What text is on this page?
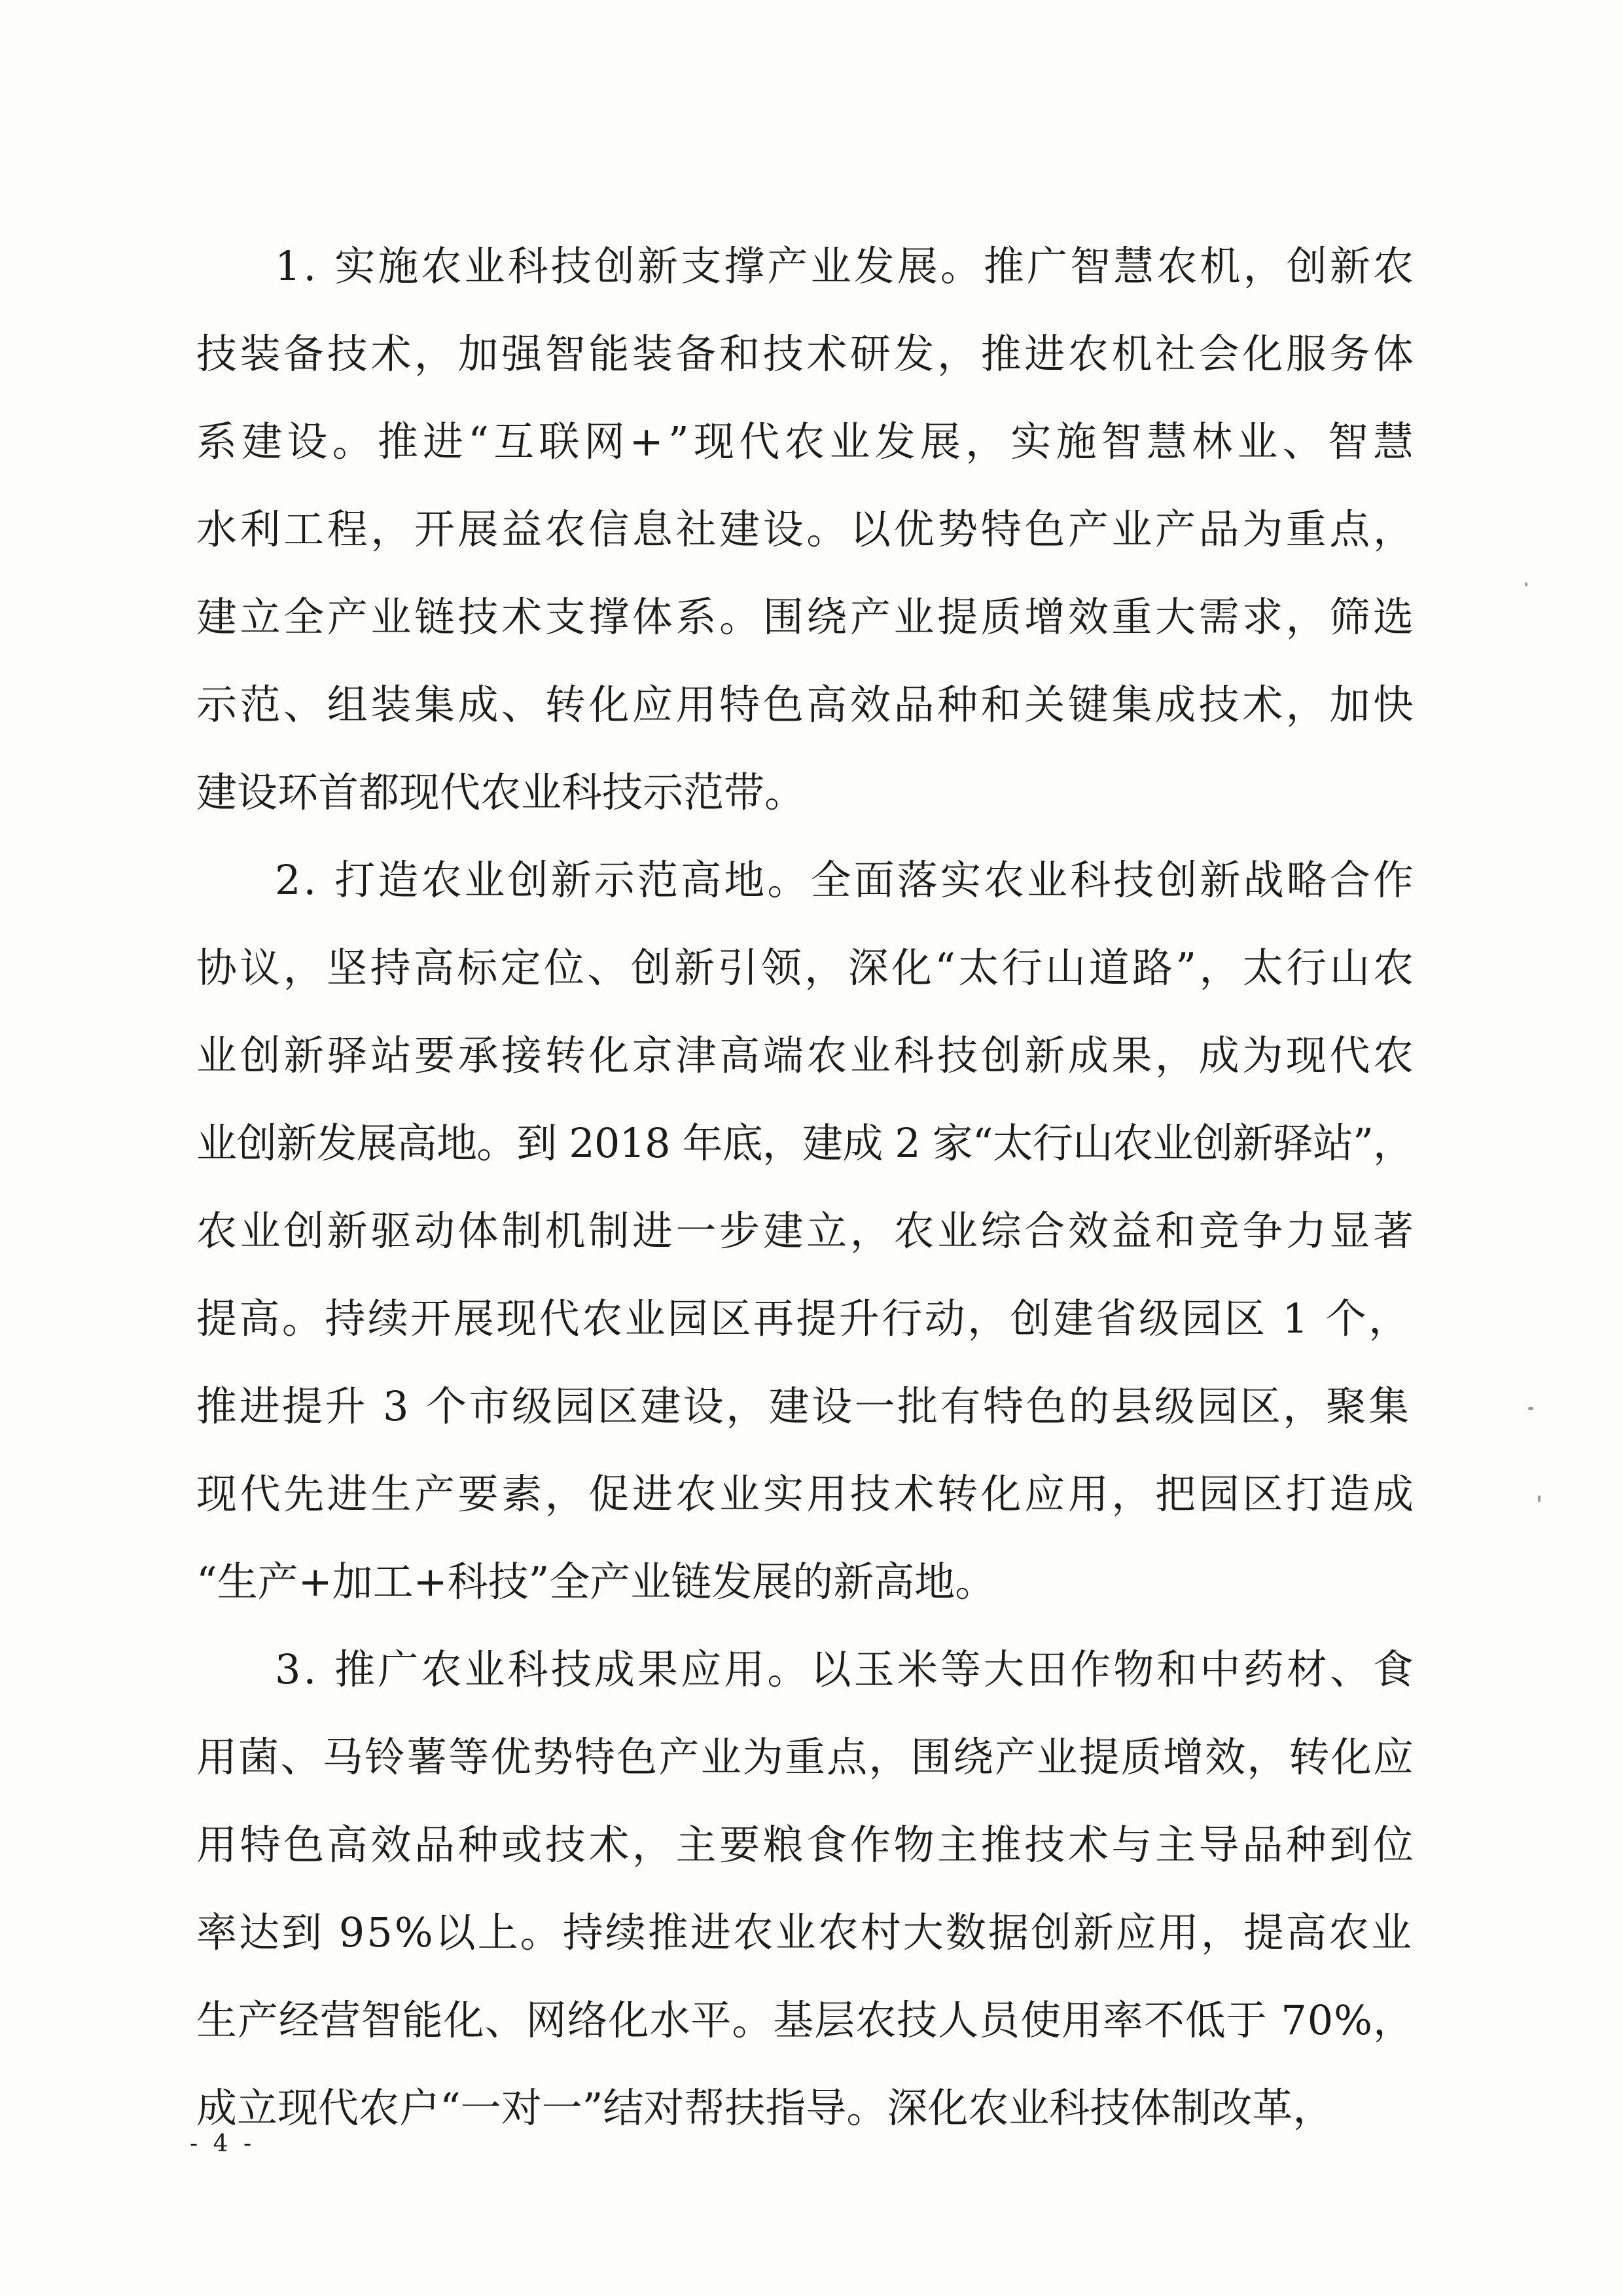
1. 实施农业科技创新支撑产业发展。推广智慧农机，创新农
技装备技术，加强智能装备和技术研发，推进农机社会化服务体
系建设。推进“互联网+”现代农业发展，实施智慧林业、智慧
水利工程，开展益农信息社建设。以优势特色产业产品为重点，
建立全产业链技术支撑体系。围绕产业提质增效重大需求，筛选
示范、组装集成、转化应用特色高效品种和关键集成技术，加快
建设环首都现代农业科技示范带。
2. 打造农业创新示范高地。全面落实农业科技创新战略合作
协议，坚持高标定位、创新引领，深化“太行山道路”，太行山农
业创新驿站要承接转化京津高端农业科技创新成果，成为现代农
业创新发展高地。到 2018 年底，建成 2 家“太行山农业创新驿站”，
农业创新驱动体制机制进一步建立，农业综合效益和竞争力显著
提高。持续开展现代农业园区再提升行动，创建省级园区 1 个，
推进提升 3 个市级园区建设，建设一批有特色的县级园区，聚集
现代先进生产要素，促进农业实用技术转化应用，把园区打造成
“生产+加工+科技”全产业链发展的新高地。
3. 推广农业科技成果应用。以玉米等大田作物和中药材、食
用菌、马铃薯等优势特色产业为重点，围绕产业提质增效，转化应
用特色高效品种或技术，主要粮食作物主推技术与主导品种到位
率达到 95%以上。持续推进农业农村大数据创新应用，提高农业
生产经营智能化、网络化水平。基层农技人员使用率不低于 70%，
成立现代农户“一对一”结对帮扶指导。深化农业科技体制改革，
- 4 -
